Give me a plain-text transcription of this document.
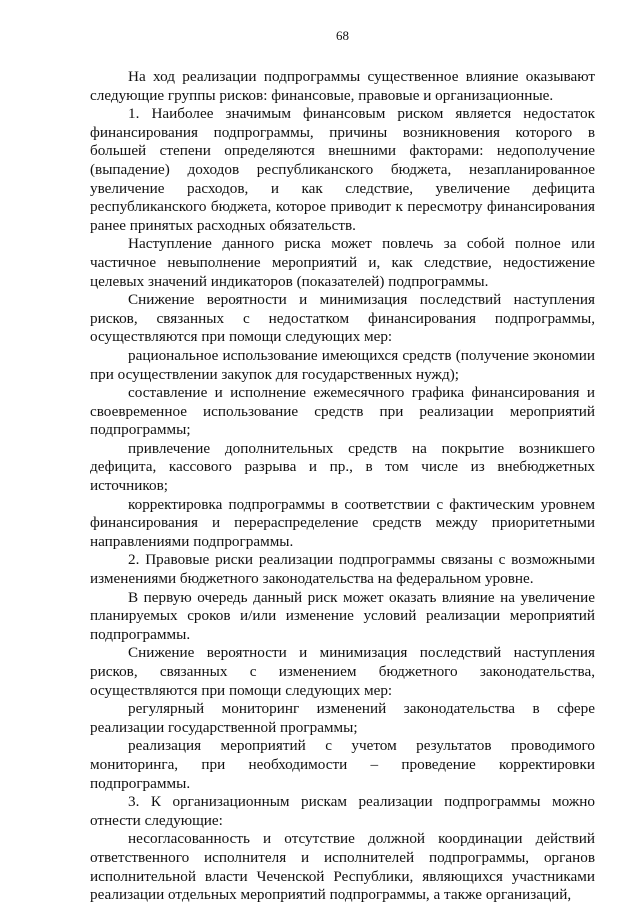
68

На ход реализации подпрограммы существенное влияние оказывают следующие группы рисков: финансовые, правовые и организационные.

1. Наиболее значимым финансовым риском является недостаток финансирования подпрограммы, причины возникновения которого в большей степени определяются внешними факторами: недополучение (выпадение) доходов республиканского бюджета, незапланированное увеличение расходов, и как следствие, увеличение дефицита республиканского бюджета, которое приводит к пересмотру финансирования ранее принятых расходных обязательств.

Наступление данного риска может повлечь за собой полное или частичное невыполнение мероприятий и, как следствие, недостижение целевых значений индикаторов (показателей) подпрограммы.

Снижение вероятности и минимизация последствий наступления рисков, связанных с недостатком финансирования подпрограммы, осуществляются при помощи следующих мер:

рациональное использование имеющихся средств (получение экономии при осуществлении закупок для государственных нужд);

составление и исполнение ежемесячного графика финансирования и своевременное использование средств при реализации мероприятий подпрограммы;

привлечение дополнительных средств на покрытие возникшего дефицита, кассового разрыва и пр., в том числе из внебюджетных источников;

корректировка подпрограммы в соответствии с фактическим уровнем финансирования и перераспределение средств между приоритетными направлениями подпрограммы.

2. Правовые риски реализации подпрограммы связаны с возможными изменениями бюджетного законодательства на федеральном уровне.

В первую очередь данный риск может оказать влияние на увеличение планируемых сроков и/или изменение условий реализации мероприятий подпрограммы.

Снижение вероятности и минимизация последствий наступления рисков, связанных с изменением бюджетного законодательства, осуществляются при помощи следующих мер:

регулярный мониторинг изменений законодательства в сфере реализации государственной программы;

реализация мероприятий с учетом результатов проводимого мониторинга, при необходимости – проведение корректировки подпрограммы.

3. К организационным рискам реализации подпрограммы можно отнести следующие:

несогласованность и отсутствие должной координации действий ответственного исполнителя и исполнителей подпрограммы, органов исполнительной власти Чеченской Республики, являющихся участниками реализации отдельных мероприятий подпрограммы, а также организаций,
